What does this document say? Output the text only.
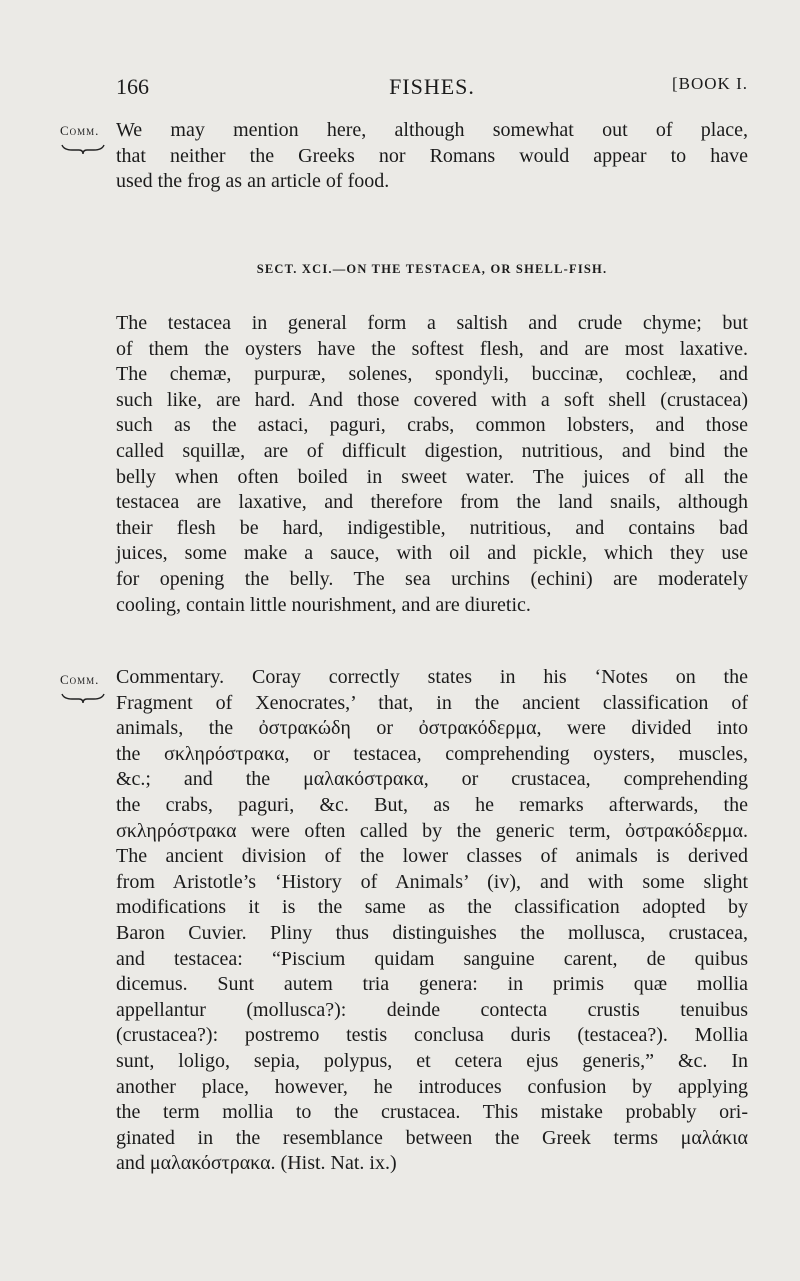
166	FISHES.	[BOOK I.
Comm. We may mention here, although somewhat out of place,
that neither the Greeks nor Romans would appear to have
used the frog as an article of food.
SECT. XCI.—ON THE TESTACEA, OR SHELL-FISH.
The testacea in general form a saltish and crude chyme; but
of them the oysters have the softest flesh, and are most laxative.
The chemæ, purpuræ, solenes, spondyli, buccinæ, cochleæ, and
such like, are hard. And those covered with a soft shell (crustacea)
such as the astaci, paguri, crabs, common lobsters, and those
called squillæ, are of difficult digestion, nutritious, and bind the
belly when often boiled in sweet water. The juices of all the
testacea are laxative, and therefore from the land snails, although
their flesh be hard, indigestible, nutritious, and contains bad
juices, some make a sauce, with oil and pickle, which they use
for opening the belly. The sea urchins (echini) are moderately
cooling, contain little nourishment, and are diuretic.
Comm. Commentary. Coray correctly states in his ‘Notes on the
Fragment of Xenocrates,’ that, in the ancient classification of
animals, the ὀστρακώδη or ὀστρακόδερμα, were divided into
the σκληρόστρακα, or testacea, comprehending oysters, muscles,
&c.; and the μαλακόστρακα, or crustacea, comprehending
the crabs, paguri, &c. But, as he remarks afterwards, the
σκληρόστρακα were often called by the generic term, ὀστρακόδερμα.
The ancient division of the lower classes of animals is derived
from Aristotle’s ‘History of Animals’ (iv), and with some slight
modifications it is the same as the classification adopted by
Baron Cuvier. Pliny thus distinguishes the mollusca, crustacea,
and testacea: “Piscium quidam sanguine carent, de quibus
dicemus. Sunt autem tria genera: in primis quæ mollia
appellantur (mollusca?): deinde contecta crustis tenuibus
(crustacea?): postremo testis conclusa duris (testacea?). Mollia
sunt, loligo, sepia, polypus, et cetera ejus generis,” &c. In
another place, however, he introduces confusion by applying
the term mollia to the crustacea. This mistake probably ori-
ginated in the resemblance between the Greek terms μαλάκια
and μαλακόστρακα. (Hist. Nat. ix.)
